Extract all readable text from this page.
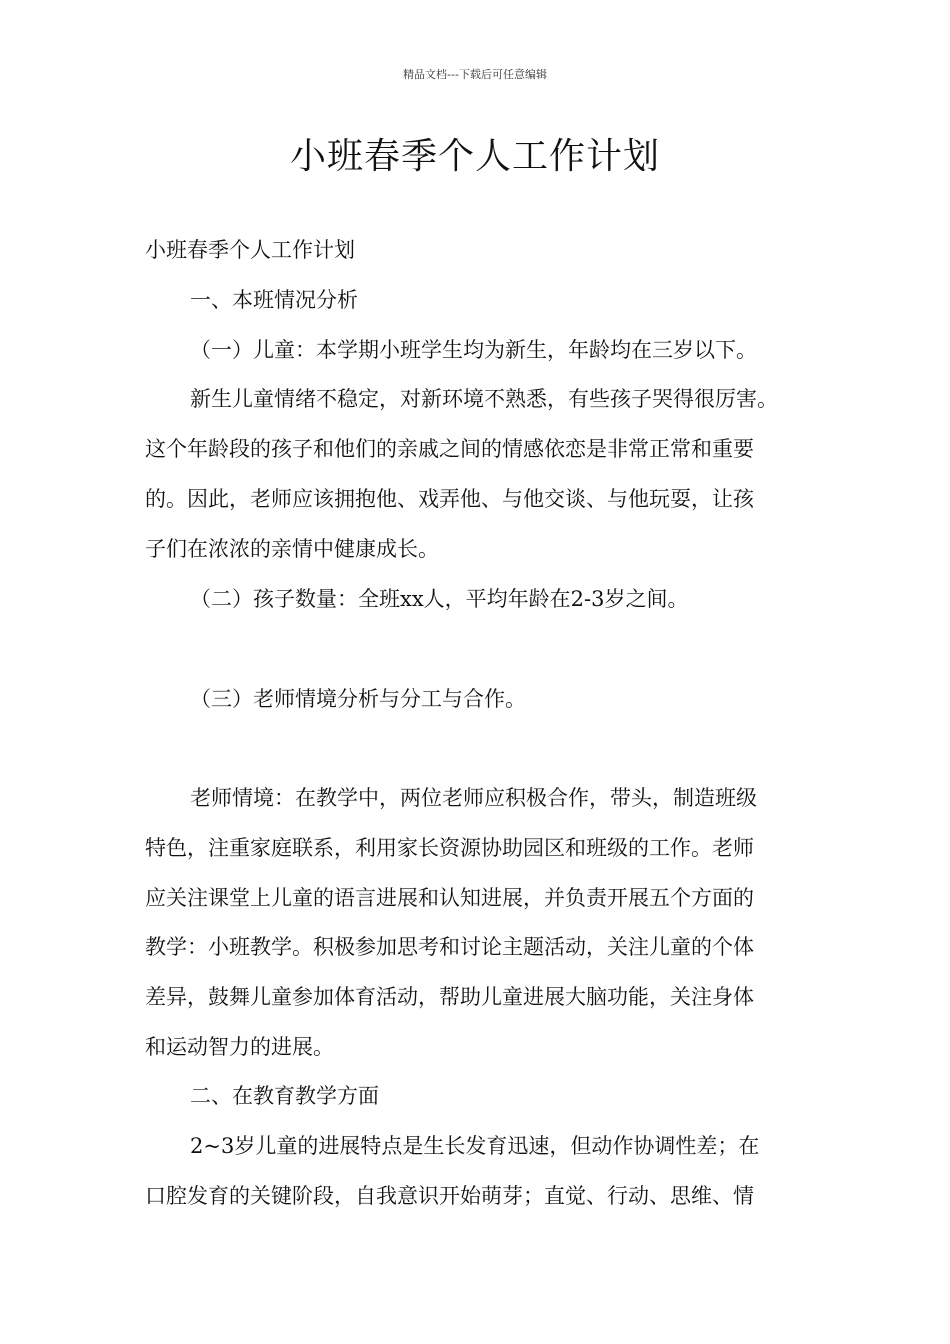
精品文档---下载后可任意编辑
小班春季个人工作计划
小班春季个人工作计划
一、本班情况分析
（一）儿童：本学期小班学生均为新生，年龄均在三岁以下。
新生儿童情绪不稳定，对新环境不熟悉，有些孩子哭得很厉害。
这个年龄段的孩子和他们的亲戚之间的情感依恋是非常正常和重要
的。因此，老师应该拥抱他、戏弄他、与他交谈、与他玩耍，让孩
子们在浓浓的亲情中健康成长。
（二）孩子数量：全班xx人，平均年龄在2-3岁之间。
（三）老师情境分析与分工与合作。
老师情境：在教学中，两位老师应积极合作，带头，制造班级
特色，注重家庭联系，利用家长资源协助园区和班级的工作。老师
应关注课堂上儿童的语言进展和认知进展，并负责开展五个方面的
教学：小班教学。积极参加思考和讨论主题活动，关注儿童的个体
差异，鼓舞儿童参加体育活动，帮助儿童进展大脑功能，关注身体
和运动智力的进展。
二、在教育教学方面
2~3岁儿童的进展特点是生长发育迅速，但动作协调性差；在
口腔发育的关键阶段，自我意识开始萌芽；直觉、行动、思维、情
